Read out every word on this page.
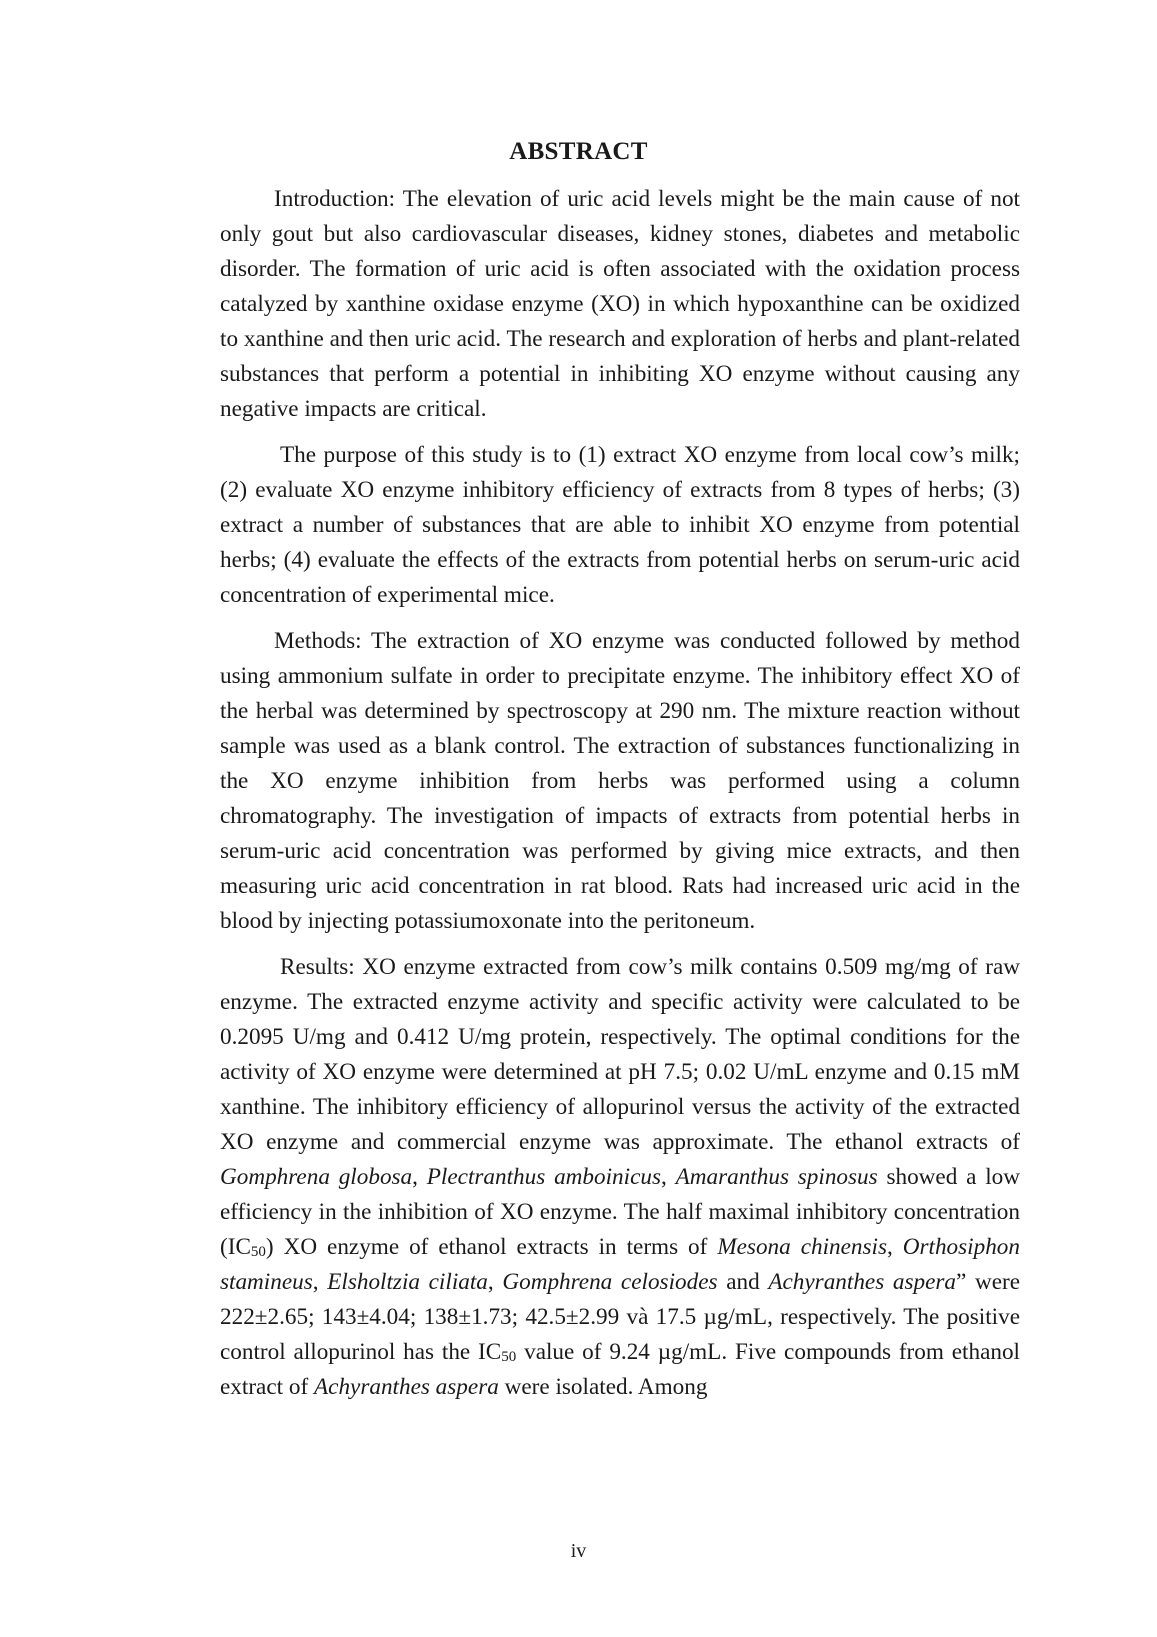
ABSTRACT

Introduction: The elevation of uric acid levels might be the main cause of not only gout but also cardiovascular diseases, kidney stones, diabetes and metabolic disorder. The formation of uric acid is often associated with the oxidation process catalyzed by xanthine oxidase enzyme (XO) in which hypoxanthine can be oxidized to xanthine and then uric acid. The research and exploration of herbs and plant-related substances that perform a potential in inhibiting XO enzyme without causing any negative impacts are critical.

The purpose of this study is to (1) extract XO enzyme from local cow’s milk; (2) evaluate XO enzyme inhibitory efficiency of extracts from 8 types of herbs; (3) extract a number of substances that are able to inhibit XO enzyme from potential herbs; (4) evaluate the effects of the extracts from potential herbs on serum-uric acid concentration of experimental mice.

Methods: The extraction of XO enzyme was conducted followed by method using ammonium sulfate in order to precipitate enzyme. The inhibitory effect XO of the herbal was determined by spectroscopy at 290 nm. The mixture reaction without sample was used as a blank control. The extraction of substances functionalizing in the XO enzyme inhibition from herbs was performed using a column chromatography. The investigation of impacts of extracts from potential herbs in serum-uric acid concentration was performed by giving mice extracts, and then measuring uric acid concentration in rat blood. Rats had increased uric acid in the blood by injecting potassiumoxonate into the peritoneum.

Results: XO enzyme extracted from cow’s milk contains 0.509 mg/mg of raw enzyme. The extracted enzyme activity and specific activity were calculated to be 0.2095 U/mg and 0.412 U/mg protein, respectively. The optimal conditions for the activity of XO enzyme were determined at pH 7.5; 0.02 U/mL enzyme and 0.15 mM xanthine. The inhibitory efficiency of allopurinol versus the activity of the extracted XO enzyme and commercial enzyme was approximate. The ethanol extracts of Gomphrena globosa, Plectranthus amboinicus, Amaranthus spinosus showed a low efficiency in the inhibition of XO enzyme. The half maximal inhibitory concentration (IC50) XO enzyme of ethanol extracts in terms of Mesona chinensis, Orthosiphon stamineus, Elsholtzia ciliata, Gomphrena celosiodes and Achyranthes aspera” were 222±2.65; 143±4.04; 138±1.73; 42.5±2.99 và 17.5 µg/mL, respectively. The positive control allopurinol has the IC50 value of 9.24 µg/mL. Five compounds from ethanol extract of Achyranthes aspera were isolated. Among

iv
